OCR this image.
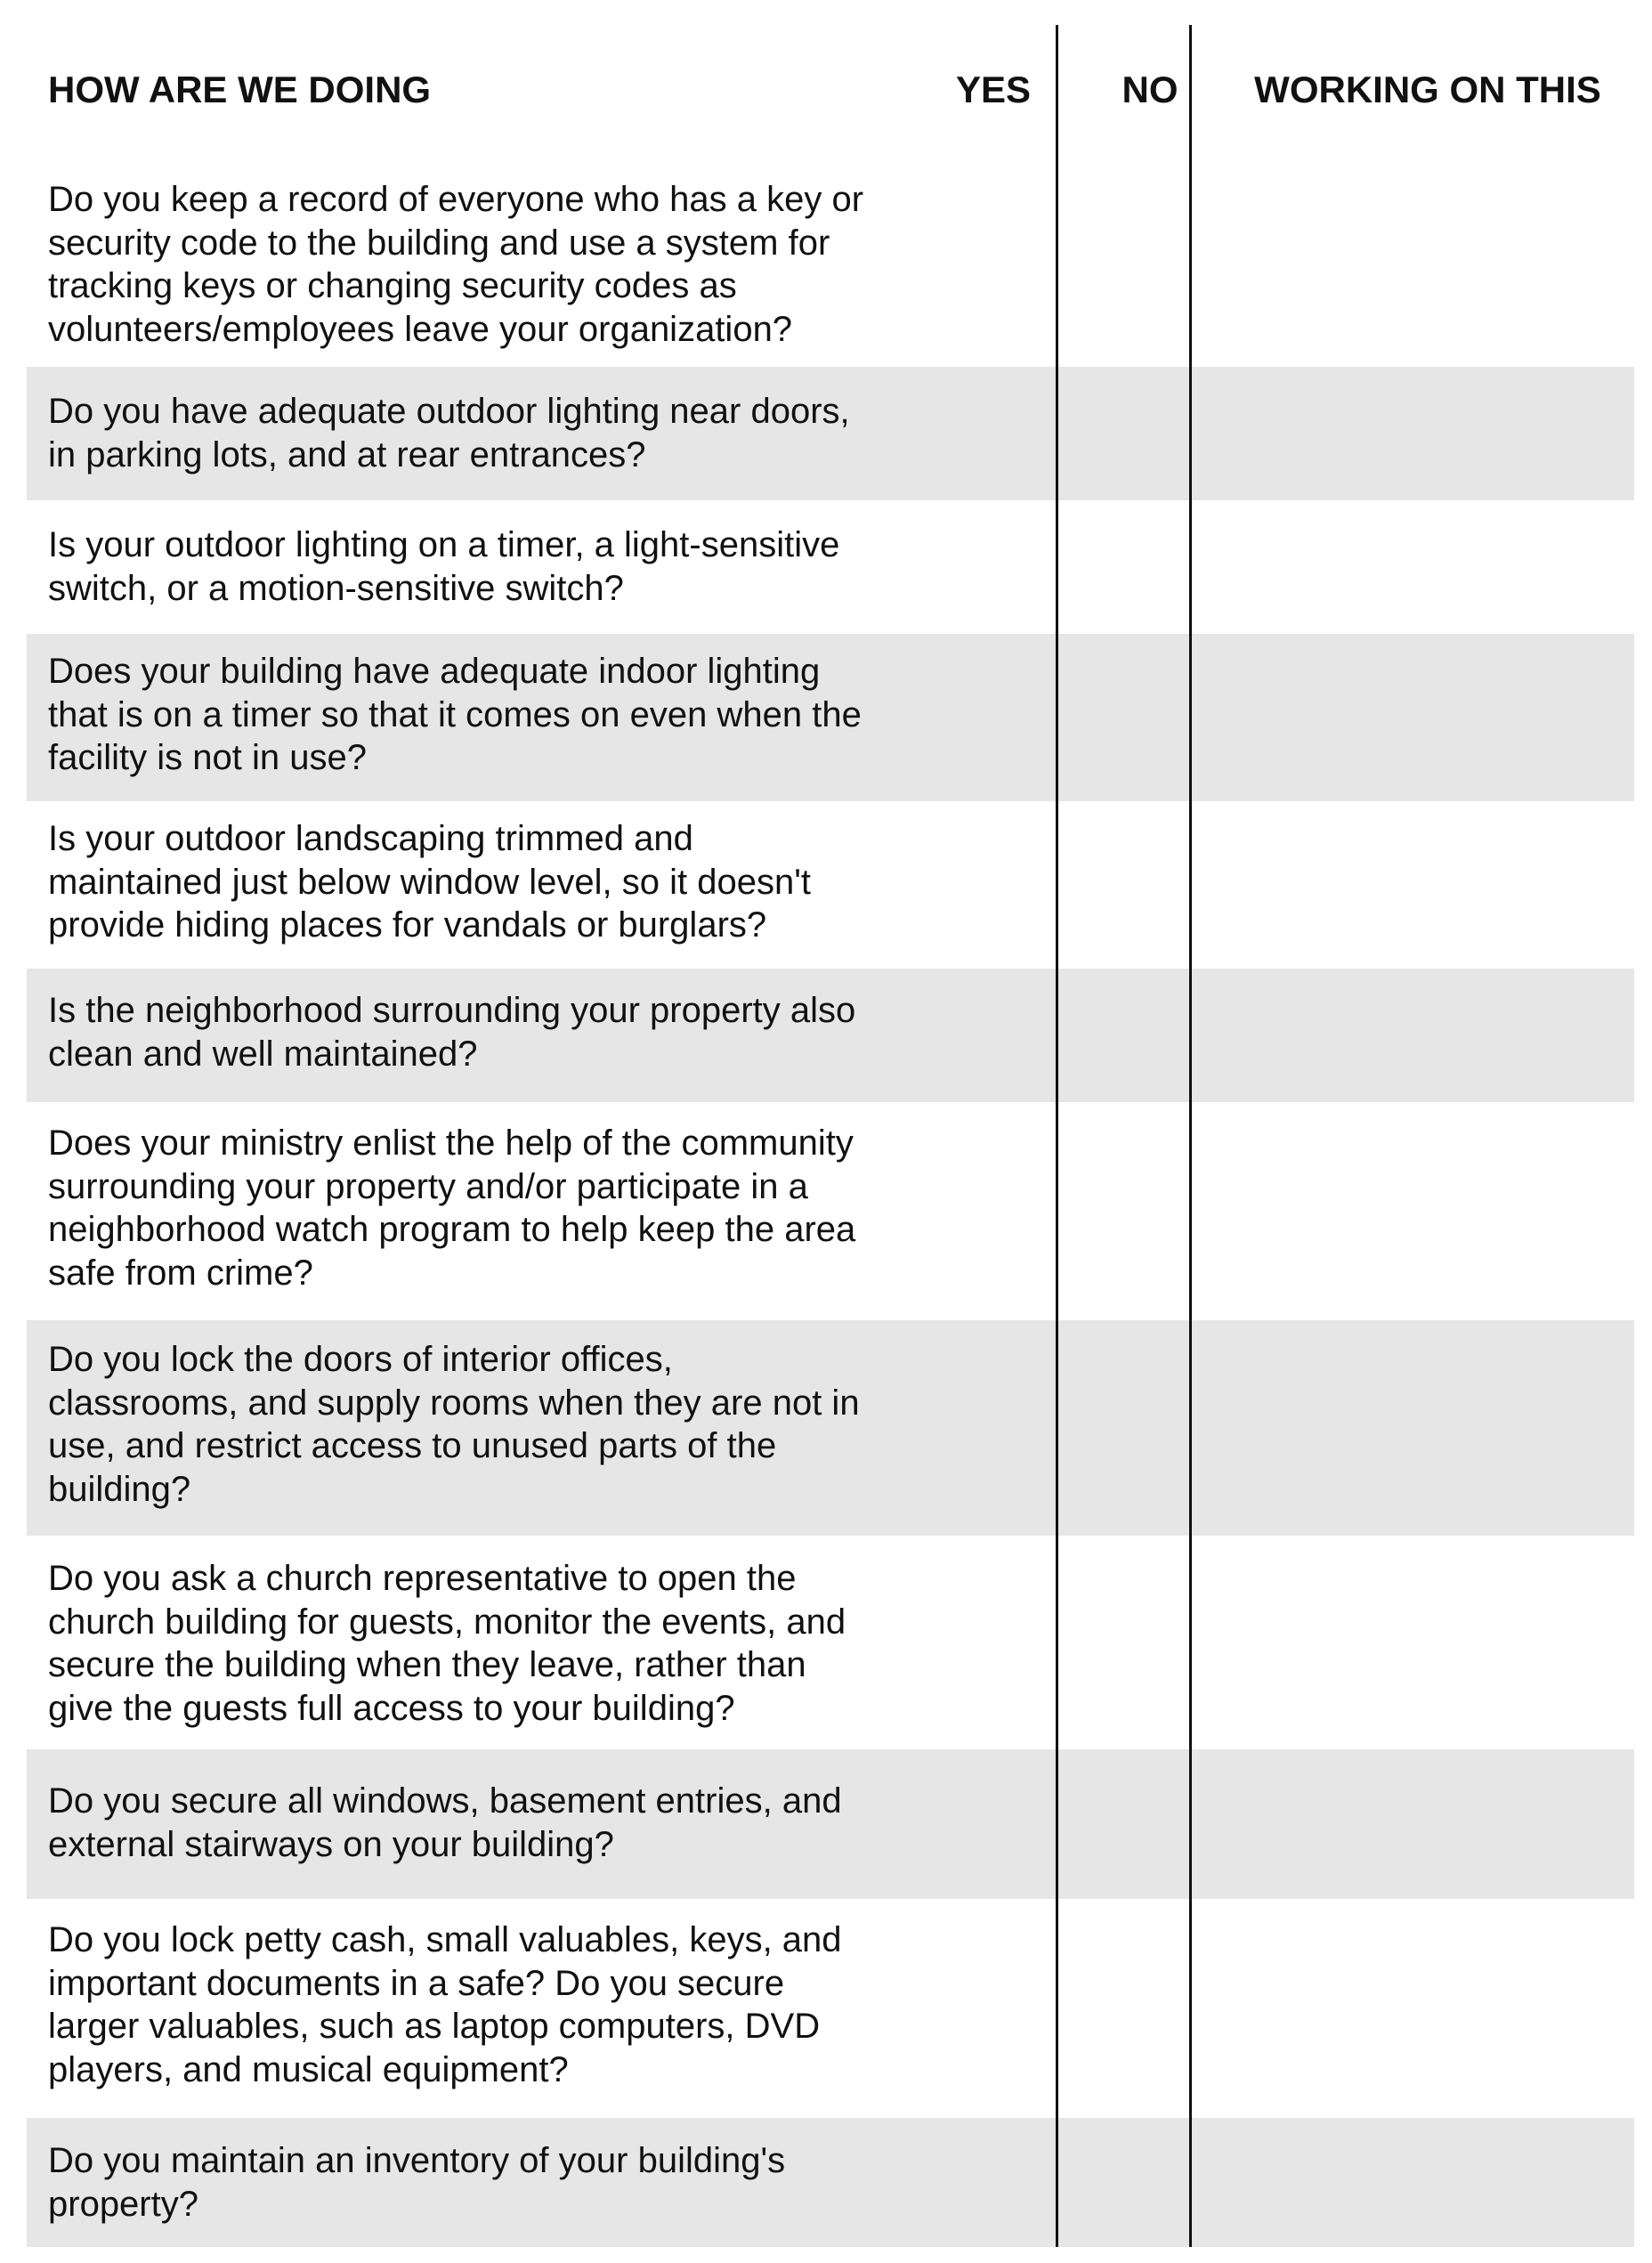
HOW ARE WE DOING	YES	NO	WORKING ON THIS
Do you keep a record of everyone who has a key or
security code to the building and use a system for
tracking keys or changing security codes as
volunteers/employees leave your organization?
Do you have adequate outdoor lighting near doors,
in parking lots, and at rear entrances?
Is your outdoor lighting on a timer, a light-sensitive
switch, or a motion-sensitive switch?
Does your building have adequate indoor lighting
that is on a timer so that it comes on even when the
facility is not in use?
Is your outdoor landscaping trimmed and
maintained just below window level, so it doesn't
provide hiding places for vandals or burglars?
Is the neighborhood surrounding your property also
clean and well maintained?
Does your ministry enlist the help of the community
surrounding your property and/or participate in a
neighborhood watch program to help keep the area
safe from crime?
Do you lock the doors of interior offices,
classrooms, and supply rooms when they are not in
use, and restrict access to unused parts of the
building?
Do you ask a church representative to open the
church building for guests, monitor the events, and
secure the building when they leave, rather than
give the guests full access to your building?
Do you secure all windows, basement entries, and
external stairways on your building?
Do you lock petty cash, small valuables, keys, and
important documents in a safe? Do you secure
larger valuables, such as laptop computers, DVD
players, and musical equipment?
Do you maintain an inventory of your building's
property?
